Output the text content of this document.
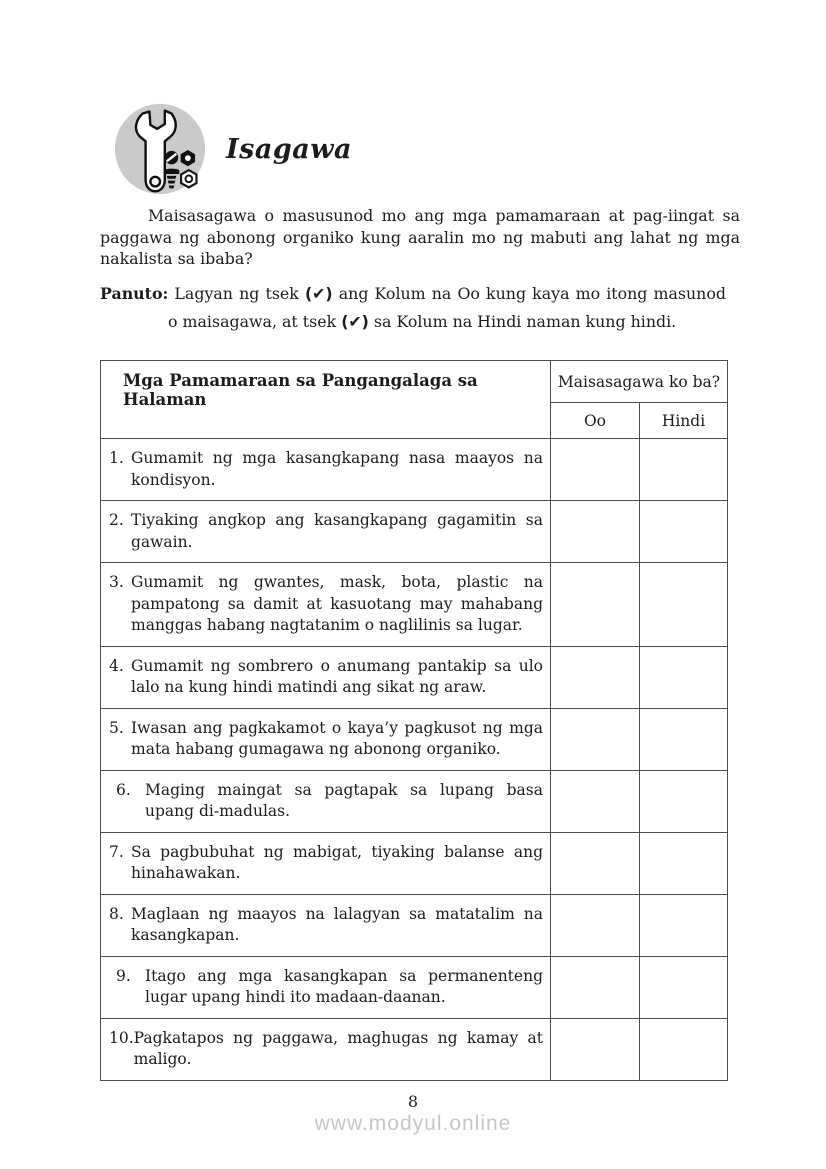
Isagawa

Maisasagawa o masusunod mo ang mga pamamaraan at pag-iingat sa paggawa ng abonong organiko kung aaralin mo ng mabuti ang lahat ng mga nakalista sa ibaba?

Panuto: Lagyan ng tsek (✔) ang Kolum na Oo kung kaya mo itong masunod o maisagawa, at tsek (✔) sa Kolum na Hindi naman kung hindi.
Mga Pamamaraan sa Pangangalaga sa Halaman	Maisasagawa ko ba?	
	Oo	Hindi

1. Gumamit ng mga kasangkapang nasa maayos na kondisyon.		

2. Tiyaking angkop ang kasangkapang gagamitin sa gawain.		

3. Gumamit ng gwantes, mask, bota, plastic na pampatong sa damit at kasuotang may mahabang manggas habang nagtatanim o naglilinis sa lugar.		

4. Gumamit ng sombrero o anumang pantakip sa ulo lalo na kung hindi matindi ang sikat ng araw.		

5. Iwasan ang pagkakamot o kaya’y pagkusot ng mga mata habang gumagawa ng abonong organiko.		

6. Maging maingat sa pagtapak sa lupang basa upang di-madulas.		

7. Sa pagbubuhat ng mabigat, tiyaking balanse ang hinahawakan.		

8. Maglaan ng maayos na lalagyan sa matatalim na kasangkapan.		

9. Itago ang mga kasangkapan sa permanenteng lugar upang hindi ito madaan-daanan.		

10. Pagkatapos ng paggawa, maghugas ng kamay at maligo.		

8

www.modyul.online
